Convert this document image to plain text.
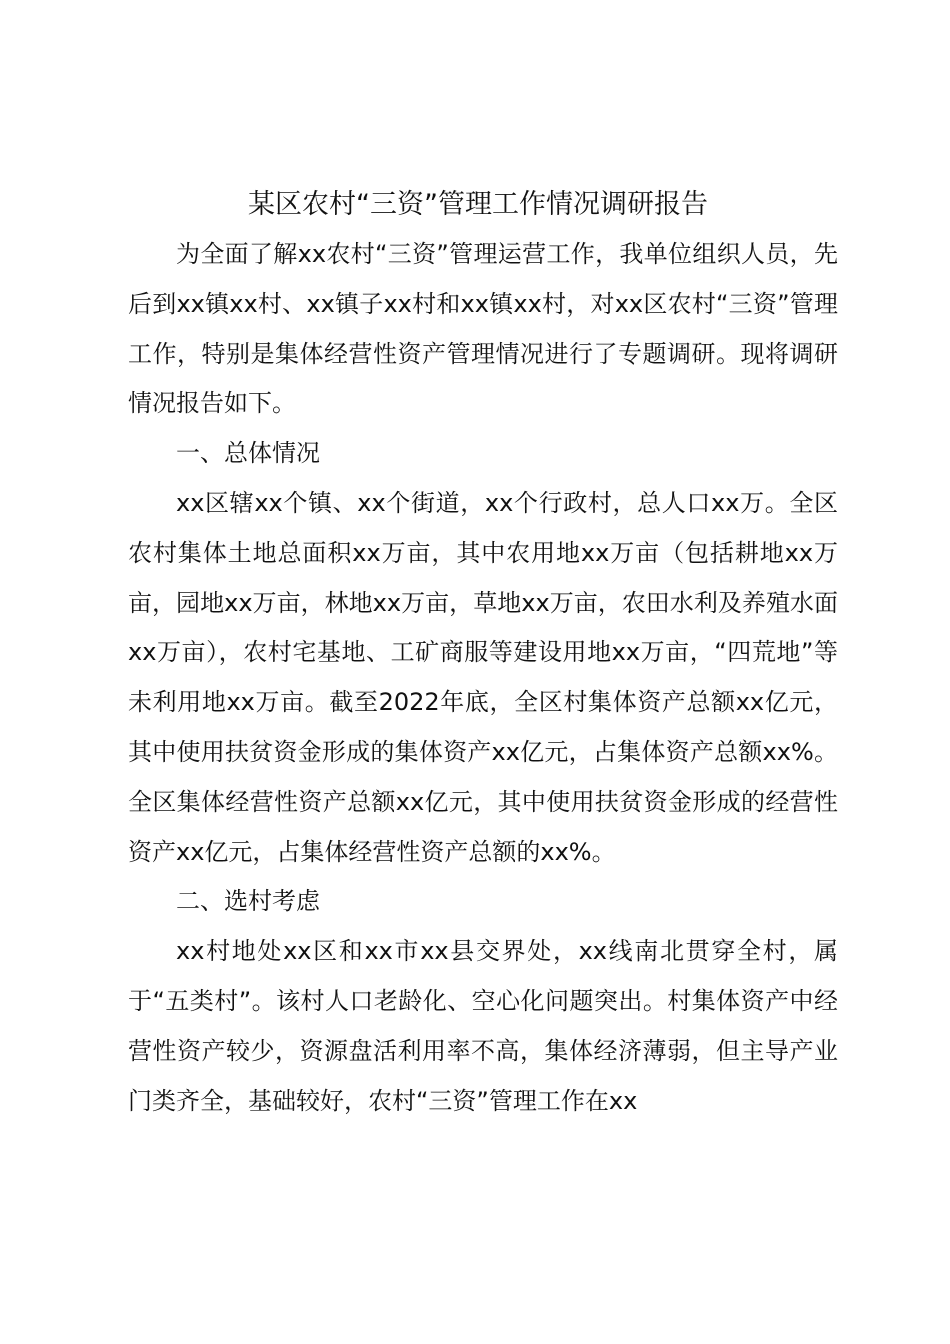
某区农村“三资”管理工作情况调研报告

为全面了解xx农村“三资”管理运营工作，我单位组织人员，先后到xx镇xx村、xx镇子xx村和xx镇xx村，对xx区农村“三资”管理工作，特别是集体经营性资产管理情况进行了专题调研。现将调研情况报告如下。

一、总体情况

xx区辖xx个镇、xx个街道，xx个行政村，总人口xx万。全区农村集体土地总面积xx万亩，其中农用地xx万亩（包括耕地xx万亩，园地xx万亩，林地xx万亩，草地xx万亩，农田水利及养殖水面xx万亩），农村宅基地、工矿商服等建设用地xx万亩，“四荒地”等未利用地xx万亩。截至2022年底，全区村集体资产总额xx亿元，其中使用扶贫资金形成的集体资产xx亿元，占集体资产总额xx%。全区集体经营性资产总额xx亿元，其中使用扶贫资金形成的经营性资产xx亿元，占集体经营性资产总额的xx%。

二、选村考虑

xx村地处xx区和xx市xx县交界处，xx线南北贯穿全村，属于“五类村”。该村人口老龄化、空心化问题突出。村集体资产中经营性资产较少，资源盘活利用率不高，集体经济薄弱，但主导产业门类齐全，基础较好，农村“三资”管理工作在xx
